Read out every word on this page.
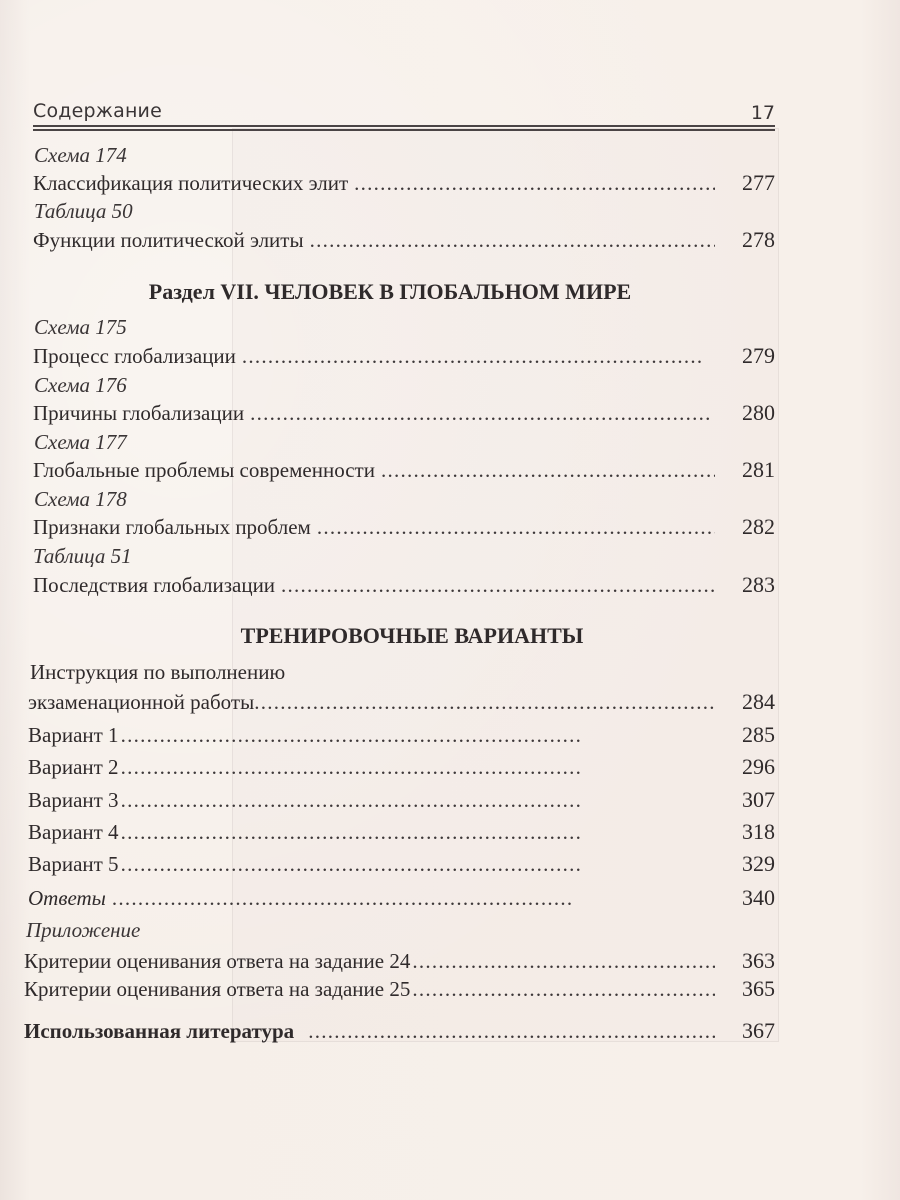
Содержание	17
Схема 174
Классификация политических элит . . .	277
Таблица 50
Функции политической элиты . . .	278
Раздел VII. ЧЕЛОВЕК В ГЛОБАЛЬНОМ МИРЕ
Схема 175
Процесс глобализации . . .	279
Схема 176
Причины глобализации . . .	280
Схема 177
Глобальные проблемы современности . . .	281
Схема 178
Признаки глобальных проблем . . .	282
Таблица 51
Последствия глобализации . . .	283
ТРЕНИРОВОЧНЫЕ ВАРИАНТЫ
Инструкция по выполнению
экзаменационной работы . . .	284
Вариант 1 . . .	285
Вариант 2 . . .	296
Вариант 3 . . .	307
Вариант 4 . . .	318
Вариант 5 . . .	329
Ответы . . .	340
Приложение
Критерии оценивания ответа на задание 24 . . .	363
Критерии оценивания ответа на задание 25 . . .	365
Использованная литература . . .	367
